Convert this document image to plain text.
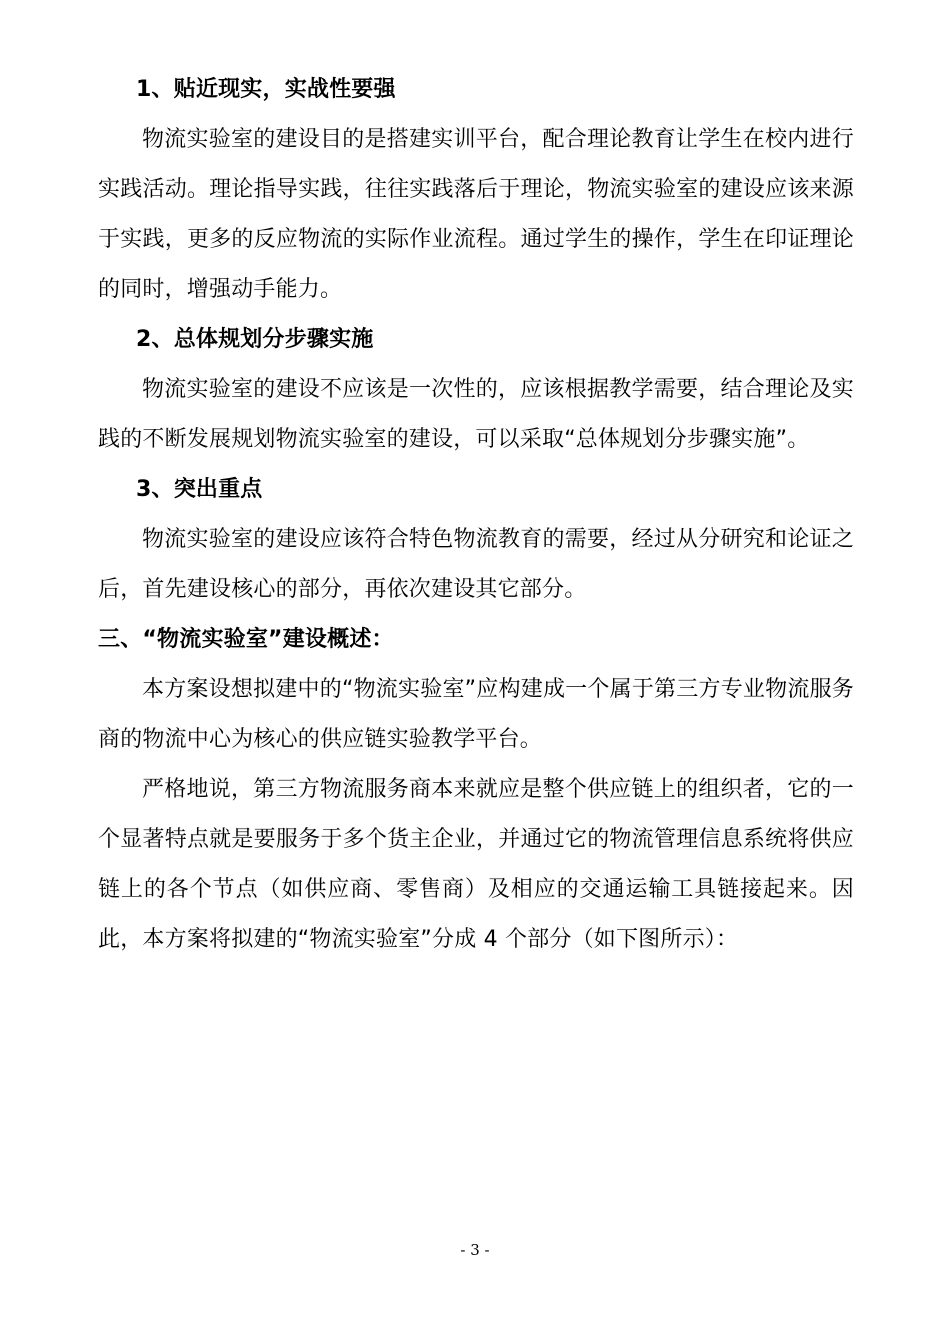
1、贴近现实，实战性要强
物流实验室的建设目的是搭建实训平台，配合理论教育让学生在校内进行实践活动。理论指导实践，往往实践落后于理论，物流实验室的建设应该来源于实践，更多的反应物流的实际作业流程。通过学生的操作，学生在印证理论的同时，增强动手能力。
2、总体规划分步骤实施
物流实验室的建设不应该是一次性的，应该根据教学需要，结合理论及实践的不断发展规划物流实验室的建设，可以采取“总体规划分步骤实施”。
3、突出重点
物流实验室的建设应该符合特色物流教育的需要，经过从分研究和论证之后，首先建设核心的部分，再依次建设其它部分。
三、“物流实验室”建设概述：
本方案设想拟建中的“物流实验室”应构建成一个属于第三方专业物流服务商的物流中心为核心的供应链实验教学平台。
严格地说，第三方物流服务商本来就应是整个供应链上的组织者，它的一个显著特点就是要服务于多个货主企业，并通过它的物流管理信息系统将供应链上的各个节点（如供应商、零售商）及相应的交通运输工具链接起来。因此，本方案将拟建的“物流实验室”分成 4 个部分（如下图所示）：
- 3 -
